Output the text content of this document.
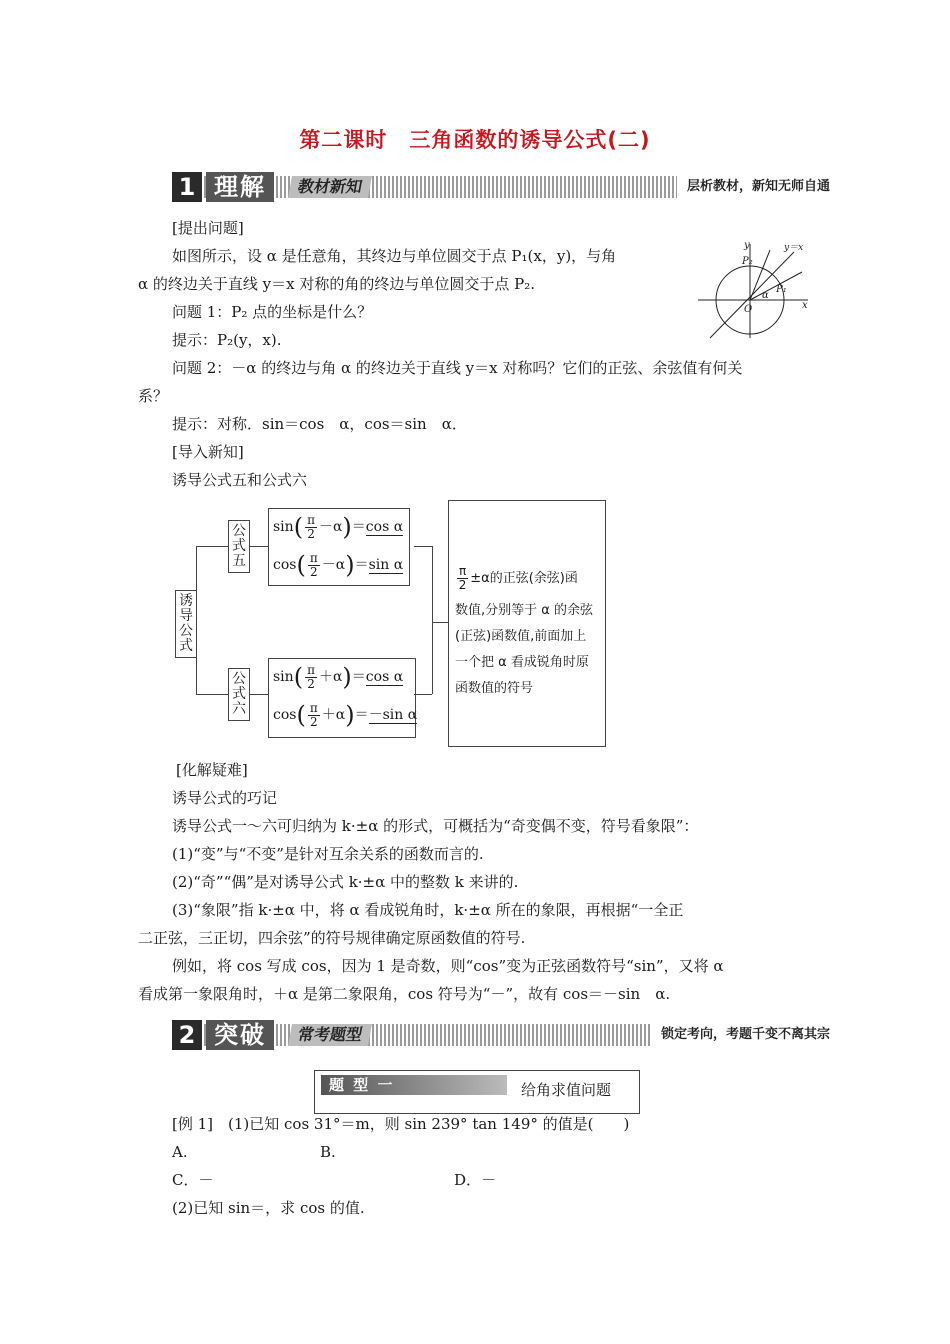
第二课时　三角函数的诱导公式(二)
1 理解	教材新知	层析教材，新知无师自通
[提出问题]
如图所示，设 α 是任意角，其终边与单位圆交于点 P₁(x，y)，与角
α 的终边关于直线 y＝x 对称的角的终边与单位圆交于点 P₂.
问题 1：P₂ 点的坐标是什么？
提示：P₂(y，x).
问题 2：－α 的终边与角 α 的终边关于直线 y＝x 对称吗？它们的正弦、余弦值有何关
系？
提示：对称．sin＝cos　α，cos＝sin　α．
[导入新知]
诱导公式五和公式六
y
x
y＝x
P₂
P₁
O
α
诱导公式
公式五
公式六
$\sin( \frac{\pi}{2} -\alpha)=\cos$ α
$\cos( \frac{\pi}{2} -\alpha)=\sin$ α
$\sin( \frac{\pi}{2} +\alpha)=\cos$ α
$\cos( \frac{\pi}{2} +\alpha)=-\sin$ α
$\frac{\pi}{2} \pm\alpha$的正弦(余弦)函
数值,分别等于 α 的余弦
(正弦)函数值,前面加上
一个把 α 看成锐角时原
函数值的符号
[化解疑难]
诱导公式的巧记
诱导公式一～六可归纳为 k·±α 的形式，可概括为“奇变偶不变，符号看象限”：
(1)“变”与“不变”是针对互余关系的函数而言的.
(2)“奇”“偶”是对诱导公式 k·±α 中的整数 k 来讲的.
(3)“象限”指 k·±α 中，将 α 看成锐角时，k·±α 所在的象限，再根据“一全正
二正弦，三正切，四余弦”的符号规律确定原函数值的符号.
例如，将 cos 写成 cos，因为 1 是奇数，则“cos”变为正弦函数符号“sin”，又将 α
看成第一象限角时，＋α 是第二象限角，cos 符号为“－”，故有 cos＝－sin　α.
2 突破	常考题型	锁定考向，考题千变不离其宗
题 型 一	给角求值问题
[例 1]　(1)已知 cos 31°＝m，则 sin 239° tan 149° 的值是(　　)
A.	B.
C．－	D．－
(2)已知 sin＝，求 cos 的值.
